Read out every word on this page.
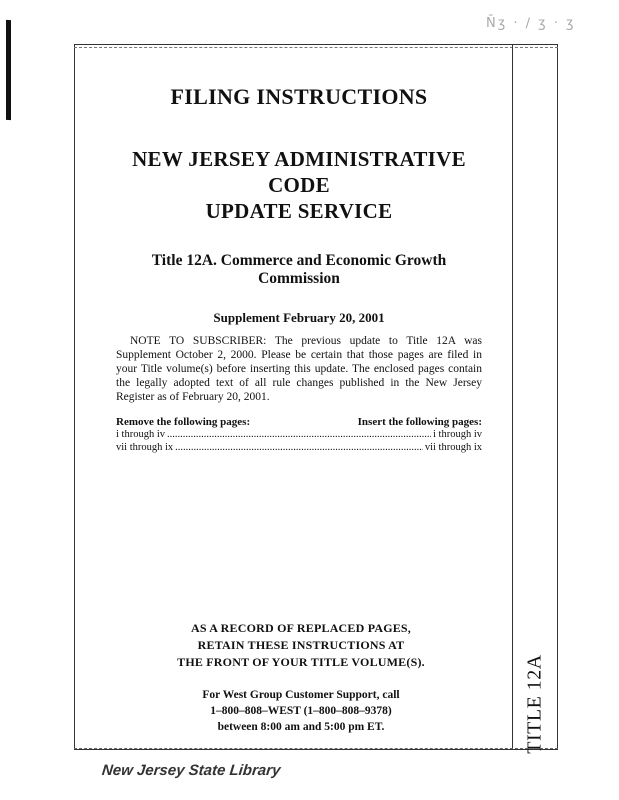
N̄ʒ · ∕ ʒ · ʒ
TITLE 12A
FILING INSTRUCTIONS
NEW JERSEY ADMINISTRATIVE CODE
UPDATE SERVICE
Title 12A. Commerce and Economic Growth Commission
Supplement February 20, 2001
NOTE TO SUBSCRIBER: The previous update to Title 12A was Supplement October 2, 2000. Please be certain that those pages are filed in your Title volume(s) before inserting this update. The enclosed pages contain the legally adopted text of all rule changes published in the New Jersey Register as of February 20, 2001.
Remove the following pages:	Insert the following pages:
i through iv .....	i through iv
vii through ix .....	vii through ix
AS A RECORD OF REPLACED PAGES,
RETAIN THESE INSTRUCTIONS AT
THE FRONT OF YOUR TITLE VOLUME(S).
For West Group Customer Support, call
1–800–808–WEST (1–800–808–9378)
between 8:00 am and 5:00 pm ET.
New Jersey State Library
